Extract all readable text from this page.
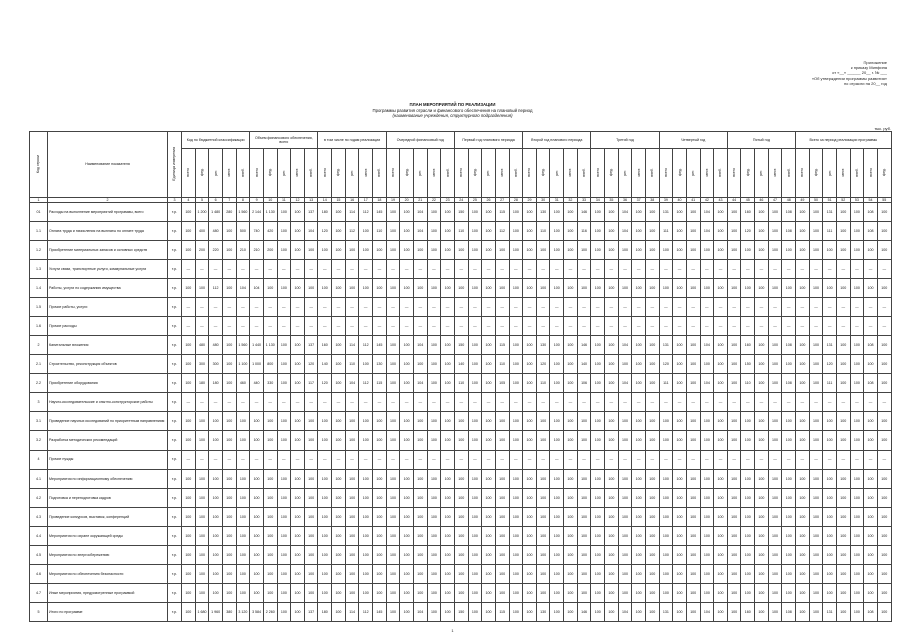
Приложение
к приказу Минфина
от «__» ______ 20__ г. № ___
«Об утверждении программы развития»
по отрасли на 20__ год
ПЛАН МЕРОПРИЯТИЙ ПО РЕАЛИЗАЦИИ
Программы развития отрасли и финансового обеспечения на плановый период
(наименование учреждения, структурного подразделения)
тыс. руб.
Код строки	Наименование показателя	Единица измерения	Код по бюджетной классификации					Объем финансового обеспечения, всего					в том числе по годам реализации					Очередной финансовый год					Первый год планового периода					Второй год планового периода					Третий год					Четвертый год					Пятый год					Всего за период реализации программы						
			всего	фед.	рег.	мест.	внеб.	всего	фед.	рег.	мест.	внеб.	всего	фед.	рег.	мест.	внеб.	всего	фед.	рег.	мест.	внеб.	всего	фед.	рег.	мест.	внеб.	всего	фед.	рег.	мест.	внеб.	всего	фед.	рег.	мест.	внеб.	всего	фед.	рег.	мест.	внеб.	всего	фед.	рег.	мест.	внеб.	всего	фед.	рег.	мест.	внеб.	всего	фед.
1	2	3	4	5	6	7	8	9	10	11	12	13	14	15	16	17	18	19	20	21	22	23	24	25	26	27	28	29	30	31	32	33	34	35	36	37	38	39	40	41	42	43	44	45	46	47	48	49	50	51	52	53	54	55
01	Расходы на выполнение мероприятий программы, всего	т.р.	100	1 200	1 480	280	1 560	2 144	1 130	100	100	137	180	100	114	112	145	100	100	104	100	100	150	100	100	115	100	100	130	100	100	146	100	100	104	100	100	131	100	100	104	100	100	160	100	100	108	100	100	131	100	100	108	100
1.1	Оплата труда и начисления на выплаты по оплате труда	т.р.	100	400	480	100	500	740	420	100	100	104	120	100	112	100	110	100	100	104	100	100	110	100	100	112	100	100	110	100	100	116	100	100	104	100	100	111	100	100	104	100	100	120	100	100	108	100	100	111	100	100	108	100
1.2	Приобретение материальных запасов и основных средств	т.р.	100	200	220	100	210	210	200	100	100	100	100	100	100	100	100	100	100	100	100	100	100	100	100	100	100	100	100	100	100	100	100	100	100	100	100	100	100	100	100	100	100	100	100	100	100	100	100	100	100	100	100	100
1.3	Услуги связи, транспортные услуги, коммунальные услуги	т.р.	—	—	—	—	—	—	—	—	—	—	—	—	—	—	—	—	—	—	—	—	—	—	—	—	—	—	—	—	—	—	—	—	—	—	—	—	—	—	—	—	—	—	—	—	—	—	—	—	—	—	—	—
1.4	Работы, услуги по содержанию имущества	т.р.	100	100	112	100	104	104	100	100	100	100	100	100	100	100	100	100	100	100	100	100	100	100	100	100	100	100	100	100	100	100	100	100	100	100	100	100	100	100	100	100	100	100	100	100	100	100	100	100	100	100	100	100
1.5	Прочие работы, услуги	т.р.	—	—	—	—	—	—	—	—	—	—	—	—	—	—	—	—	—	—	—	—	—	—	—	—	—	—	—	—	—	—	—	—	—	—	—	—	—	—	—	—	—	—	—	—	—	—	—	—	—	—	—	—
1.6	Прочие расходы	т.р.	—	—	—	—	—	—	—	—	—	—	—	—	—	—	—	—	—	—	—	—	—	—	—	—	—	—	—	—	—	—	—	—	—	—	—	—	—	—	—	—	—	—	—	—	—	—	—	—	—	—	—	—
2	Капитальные вложения	т.р.	100	480	480	100	1 560	1 440	1 130	100	100	137	160	100	114	112	145	100	100	104	100	100	150	100	100	115	100	100	130	100	100	146	100	100	104	100	100	131	100	100	104	100	100	160	100	100	108	100	100	131	100	100	108	100
2.1	Строительство, реконструкция объектов	т.р.	100	300	300	100	1 100	1 000	800	100	100	120	140	100	110	100	130	100	100	100	100	100	140	100	100	110	100	100	120	100	100	140	100	100	100	100	100	120	100	100	100	100	100	150	100	100	100	100	100	120	100	100	100	100
2.2	Приобретение оборудования	т.р.	100	180	180	100	460	440	330	100	100	117	120	100	104	112	115	100	100	104	100	100	110	100	100	105	100	100	110	100	100	106	100	100	104	100	100	111	100	100	104	100	100	110	100	100	108	100	100	111	100	100	108	100
3	Научно-исследовательские и опытно-конструкторские работы	т.р.	—	—	—	—	—	—	—	—	—	—	—	—	—	—	—	—	—	—	—	—	—	—	—	—	—	—	—	—	—	—	—	—	—	—	—	—	—	—	—	—	—	—	—	—	—	—	—	—	—	—	—	—
3.1	Проведение научных исследований по приоритетным направлениям	т.р.	100	100	100	100	100	100	100	100	100	100	100	100	100	100	100	100	100	100	100	100	100	100	100	100	100	100	100	100	100	100	100	100	100	100	100	100	100	100	100	100	100	100	100	100	100	100	100	100	100	100	100	100
3.2	Разработка методических рекомендаций	т.р.	100	100	100	100	100	100	100	100	100	100	100	100	100	100	100	100	100	100	100	100	100	100	100	100	100	100	100	100	100	100	100	100	100	100	100	100	100	100	100	100	100	100	100	100	100	100	100	100	100	100	100	100
4	Прочие нужды	т.р.	—	—	—	—	—	—	—	—	—	—	—	—	—	—	—	—	—	—	—	—	—	—	—	—	—	—	—	—	—	—	—	—	—	—	—	—	—	—	—	—	—	—	—	—	—	—	—	—	—	—	—	—
4.1	Мероприятия по информационному обеспечению	т.р.	100	100	100	100	100	100	100	100	100	100	100	100	100	100	100	100	100	100	100	100	100	100	100	100	100	100	100	100	100	100	100	100	100	100	100	100	100	100	100	100	100	100	100	100	100	100	100	100	100	100	100	100
4.2	Подготовка и переподготовка кадров	т.р.	100	100	100	100	100	100	100	100	100	100	100	100	100	100	100	100	100	100	100	100	100	100	100	100	100	100	100	100	100	100	100	100	100	100	100	100	100	100	100	100	100	100	100	100	100	100	100	100	100	100	100	100
4.3	Проведение конкурсов, выставок, конференций	т.р.	100	100	100	100	100	100	100	100	100	100	100	100	100	100	100	100	100	100	100	100	100	100	100	100	100	100	100	100	100	100	100	100	100	100	100	100	100	100	100	100	100	100	100	100	100	100	100	100	100	100	100	100
4.4	Мероприятия по охране окружающей среды	т.р.	100	100	100	100	100	100	100	100	100	100	100	100	100	100	100	100	100	100	100	100	100	100	100	100	100	100	100	100	100	100	100	100	100	100	100	100	100	100	100	100	100	100	100	100	100	100	100	100	100	100	100	100
4.5	Мероприятия по энергосбережению	т.р.	100	100	100	100	100	100	100	100	100	100	100	100	100	100	100	100	100	100	100	100	100	100	100	100	100	100	100	100	100	100	100	100	100	100	100	100	100	100	100	100	100	100	100	100	100	100	100	100	100	100	100	100
4.6	Мероприятия по обеспечению безопасности	т.р.	100	100	100	100	100	100	100	100	100	100	100	100	100	100	100	100	100	100	100	100	100	100	100	100	100	100	100	100	100	100	100	100	100	100	100	100	100	100	100	100	100	100	100	100	100	100	100	100	100	100	100	100
4.7	Иные мероприятия, предусмотренные программой	т.р.	100	100	100	100	100	100	100	100	100	100	100	100	100	100	100	100	100	100	100	100	100	100	100	100	100	100	100	100	100	100	100	100	100	100	100	100	100	100	100	100	100	100	100	100	100	100	100	100	100	100	100	100
5	Итого по программе	т.р.	100	1 680	1 960	380	3 120	3 584	2 260	100	100	137	180	100	114	112	145	100	100	104	100	100	150	100	100	115	100	100	130	100	100	146	100	100	104	100	100	131	100	100	104	100	100	160	100	100	108	100	100	131	100	100	108	100
1
